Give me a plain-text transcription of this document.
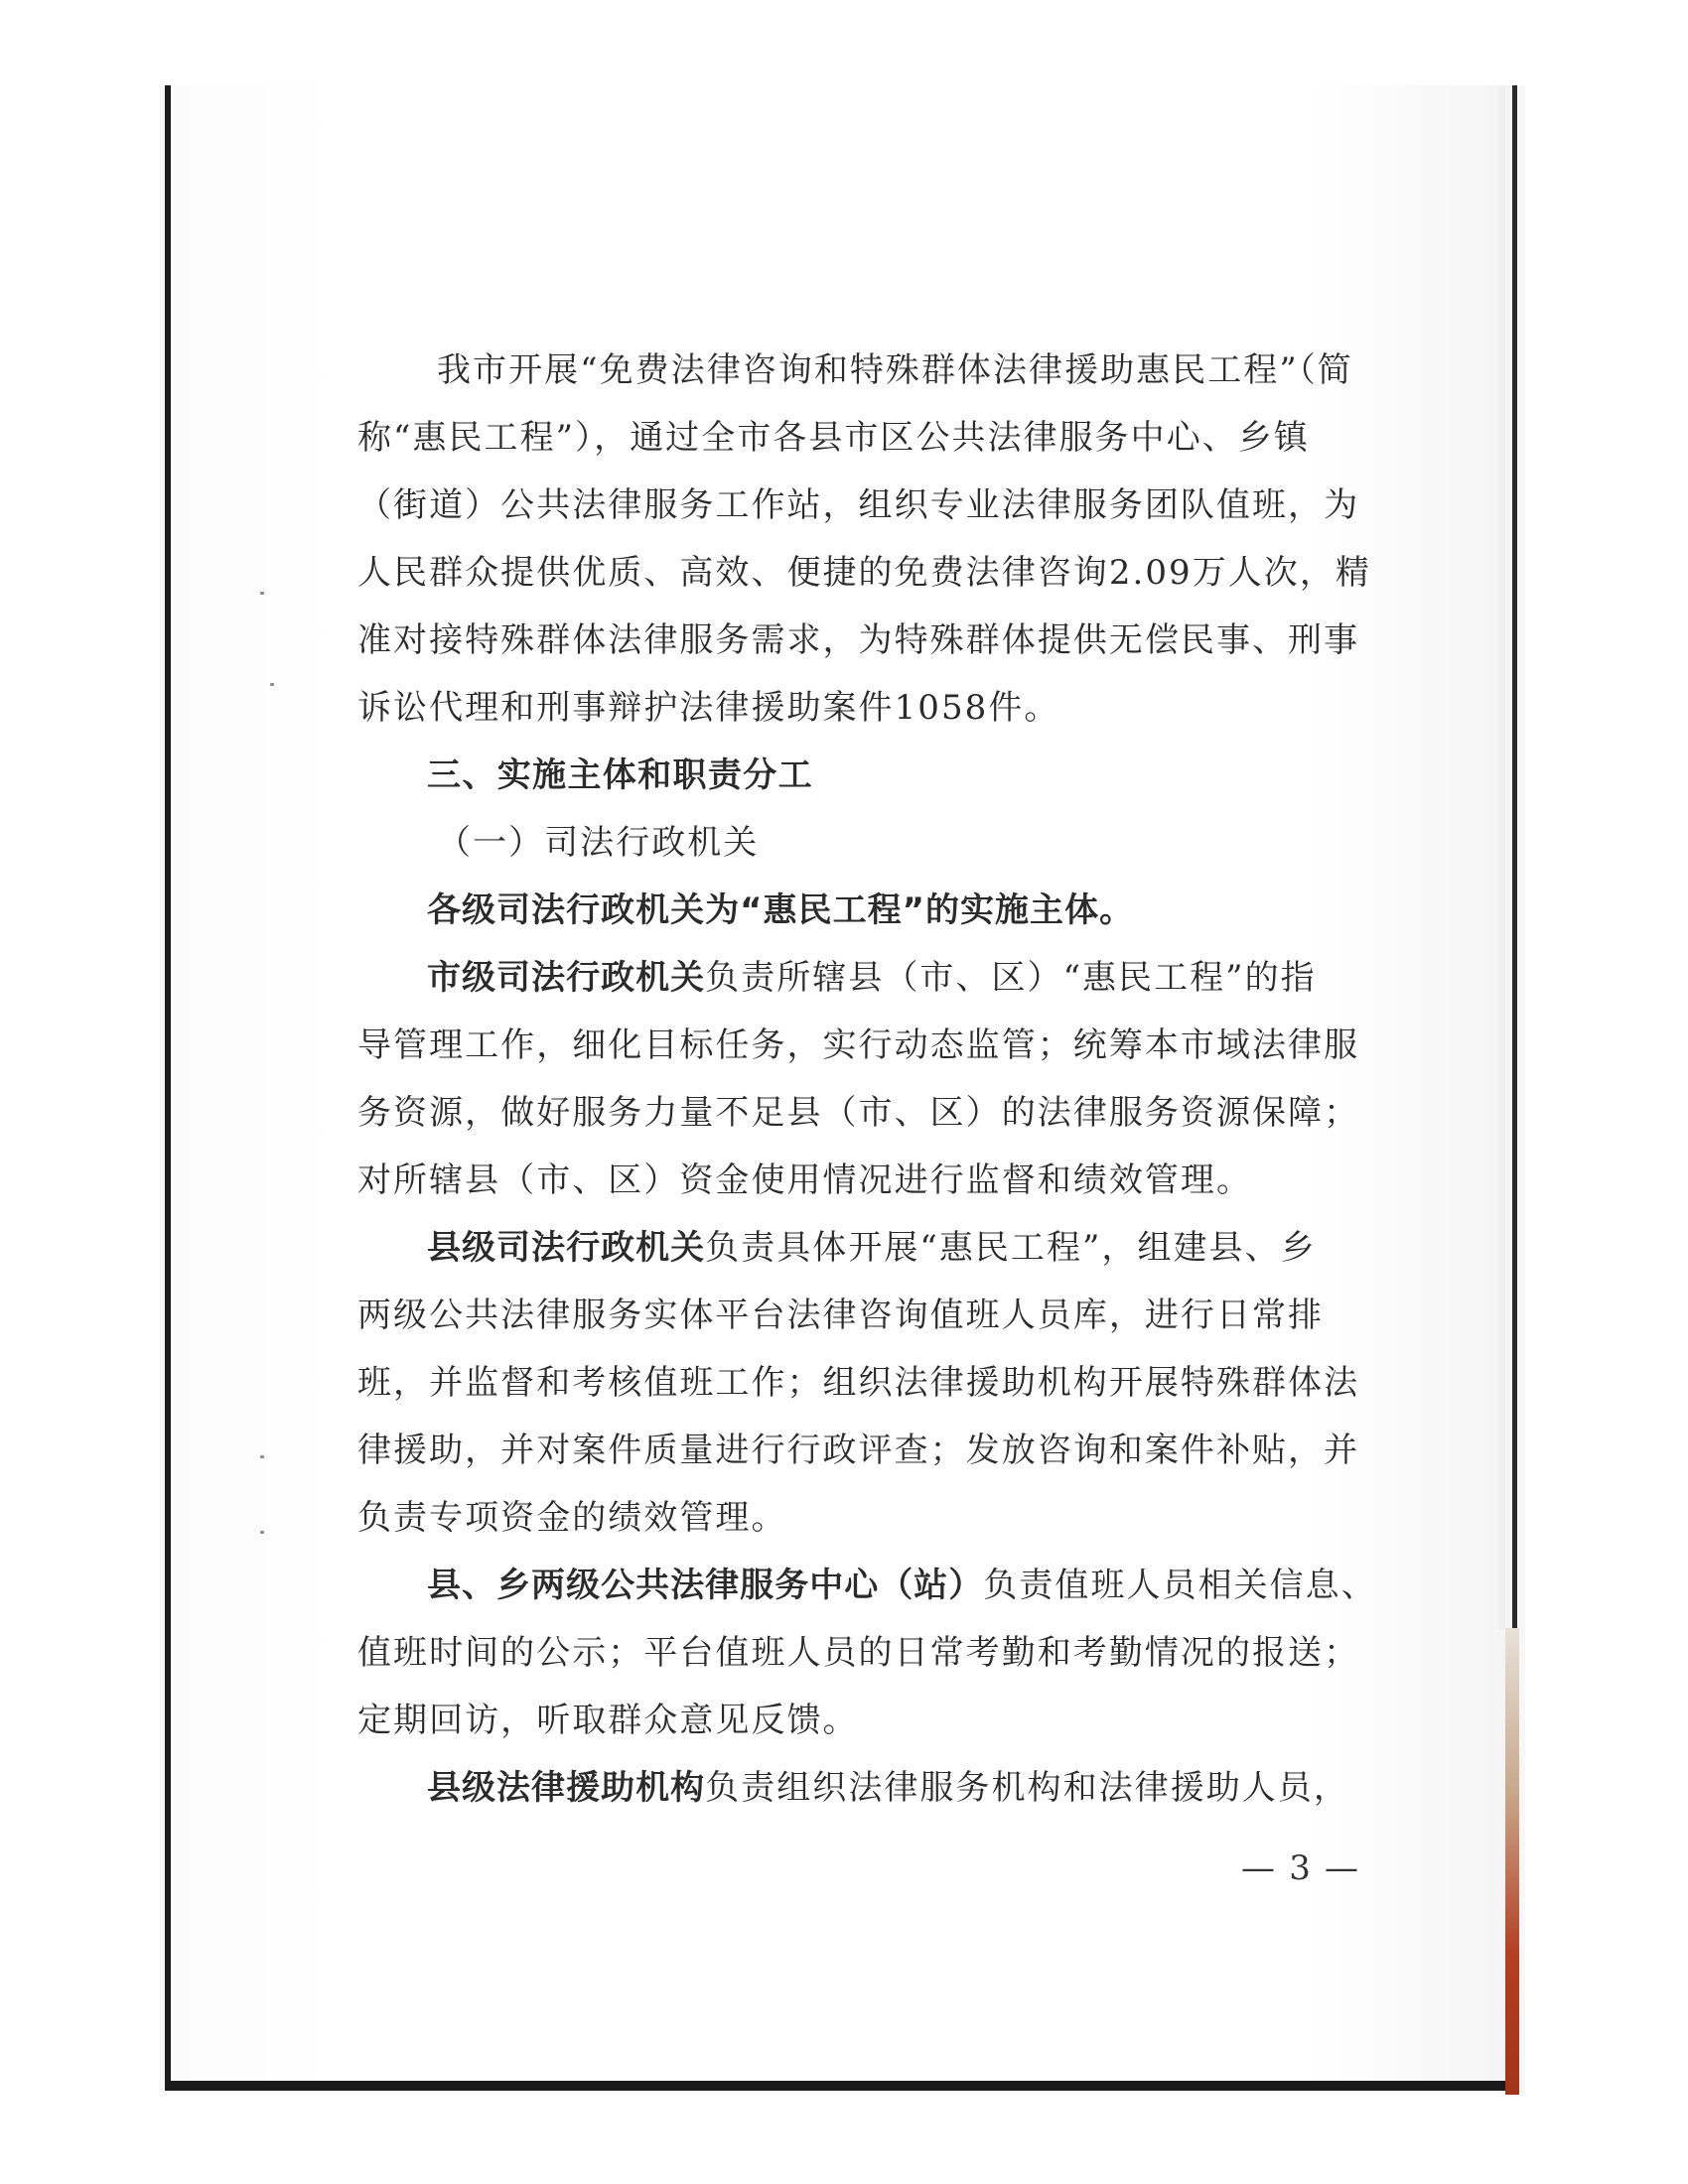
我市开展“免费法律咨询和特殊群体法律援助惠民工程”（简
称“惠民工程”），通过全市各县市区公共法律服务中心、乡镇
（街道）公共法律服务工作站，组织专业法律服务团队值班，为
人民群众提供优质、高效、便捷的免费法律咨询2.09万人次，精
准对接特殊群体法律服务需求，为特殊群体提供无偿民事、刑事
诉讼代理和刑事辩护法律援助案件1058件。
三、实施主体和职责分工
（一）司法行政机关
各级司法行政机关为“惠民工程”的实施主体。
市级司法行政机关负责所辖县（市、区）“惠民工程”的指
导管理工作，细化目标任务，实行动态监管；统筹本市域法律服
务资源，做好服务力量不足县（市、区）的法律服务资源保障；
对所辖县（市、区）资金使用情况进行监督和绩效管理。
县级司法行政机关负责具体开展“惠民工程”，组建县、乡
两级公共法律服务实体平台法律咨询值班人员库，进行日常排
班，并监督和考核值班工作；组织法律援助机构开展特殊群体法
律援助，并对案件质量进行行政评查；发放咨询和案件补贴，并
负责专项资金的绩效管理。
县、乡两级公共法律服务中心（站）负责值班人员相关信息、
值班时间的公示；平台值班人员的日常考勤和考勤情况的报送；
定期回访，听取群众意见反馈。
县级法律援助机构负责组织法律服务机构和法律援助人员，
— 3 —
